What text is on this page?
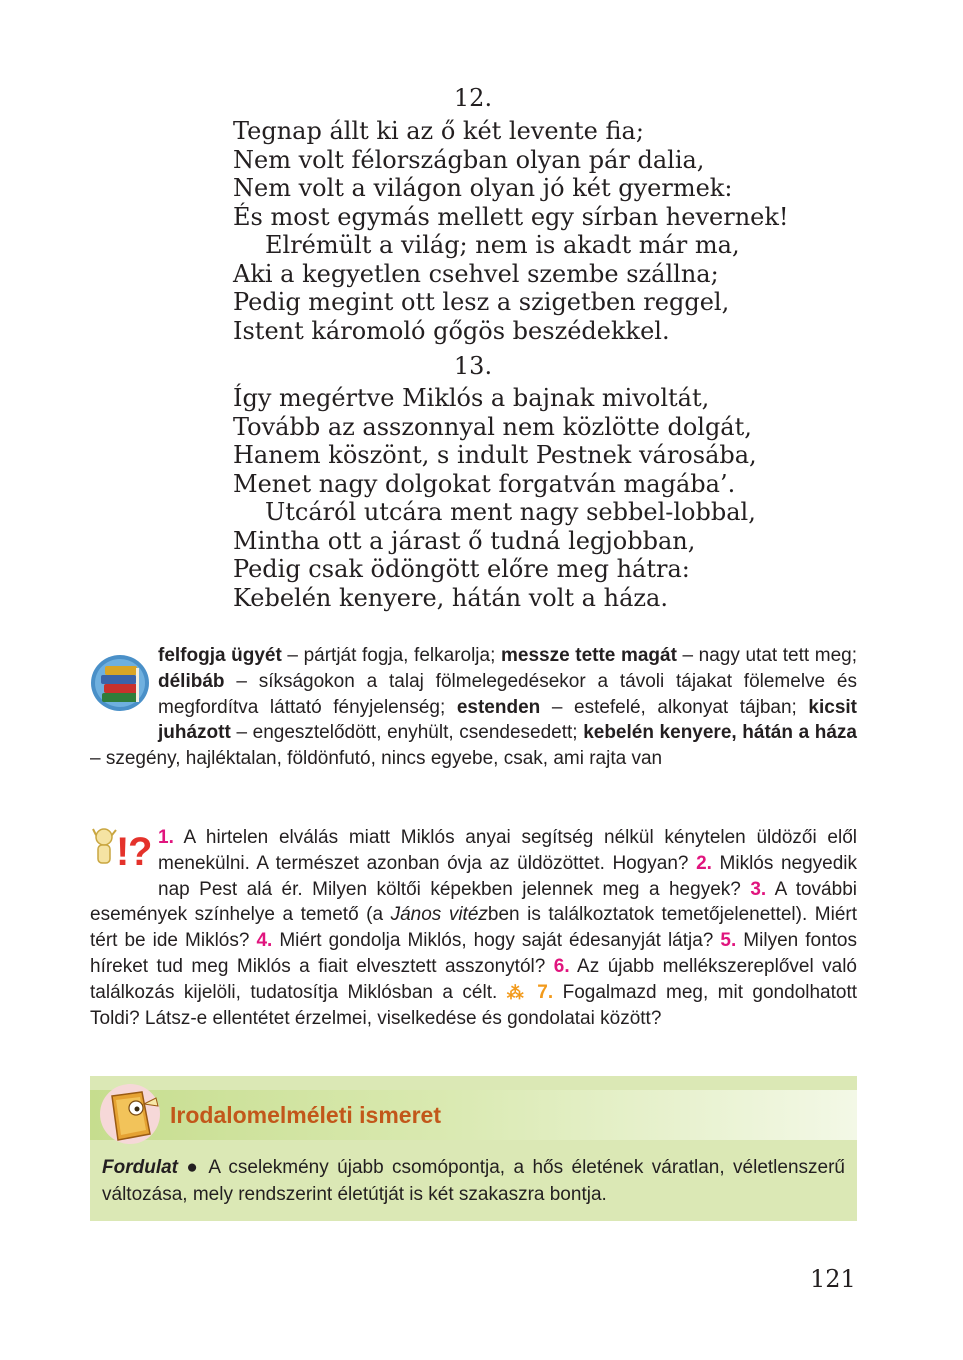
12.
Tegnap állt ki az ő két levente fia;
Nem volt félországban olyan pár dalia,
Nem volt a világon olyan jó két gyermek:
És most egymás mellett egy sírban hevernek!
Elrémült a világ; nem is akadt már ma,
Aki a kegyetlen csehvel szembe szállna;
Pedig megint ott lesz a szigetben reggel,
Istent káromoló gőgös beszédekkel.
13.
Így megértve Miklós a bajnak mivoltát,
Tovább az asszonnyal nem közlötte dolgát,
Hanem köszönt, s indult Pestnek városába,
Menet nagy dolgokat forgatván magába’.
Utcáról utcára ment nagy sebbel-lobbal,
Mintha ott a járast ő tudná legjobban,
Pedig csak ödöngött előre meg hátra:
Kebelén kenyere, hátán volt a háza.
felfogja ügyét – pártját fogja, felkarolja; messze tette magát – nagy utat tett meg; délibáb – síkságokon a talaj fölmelegedésekor a távoli tájakat fölemelve és megfordítva láttató fényjelenség; estenden – estefelé, alkonyat tájban; kicsit juházott – engesztelődött, enyhült, csendesedett; kebelén kenyere, hátán a háza – szegény, hajléktalan, földönfutó, nincs egyebe, csak, ami rajta van
!
? 1. A hirtelen elválás miatt Miklós anyai segítség nélkül kénytelen üldözői elől menekülni. A természet azonban óvja az üldözöttet. Hogyan? 2. Miklós negyedik nap Pest alá ér. Milyen költői képekben jelennek meg a hegyek? 3. A további események színhelye a temető (a János vitézben is találkoztatok temetőjelenettel). Miért tért be ide Miklós? 4. Miért gondolja Miklós, hogy saját édesanyját látja? 5. Milyen fontos híreket tud meg Miklós a fiait elvesztett asszonytól? 6. Az újabb mellékszereplővel való találkozás kijelöli, tudatosítja Miklósban a célt. ⁂ 7. Fogalmazd meg, mit gondolhatott Toldi? Látsz-e ellentétet érzelmei, viselkedése és gondolatai között?
Irodalomelméleti ismeret
Fordulat ● A cselekmény újabb csomópontja, a hős életének váratlan, véletlenszerű változása, mely rendszerint életútját is két szakaszra bontja.
121
